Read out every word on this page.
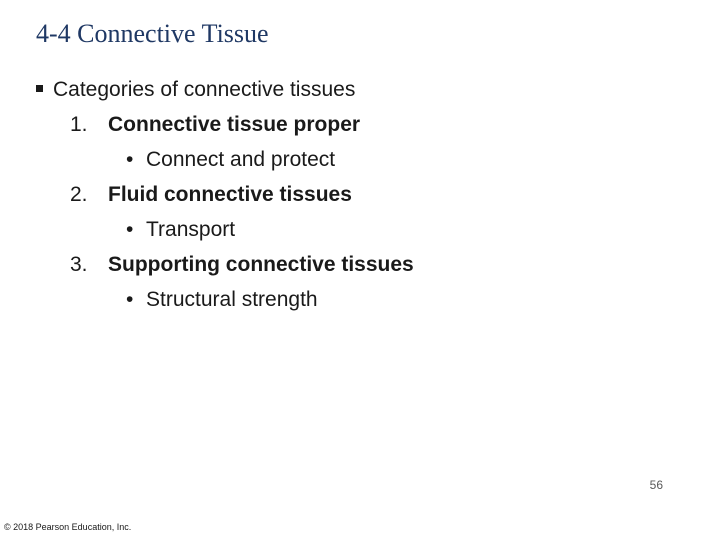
4-4 Connective Tissue
Categories of connective tissues
1. Connective tissue proper
• Connect and protect
2. Fluid connective tissues
• Transport
3. Supporting connective tissues
• Structural strength
56
© 2018 Pearson Education, Inc.
